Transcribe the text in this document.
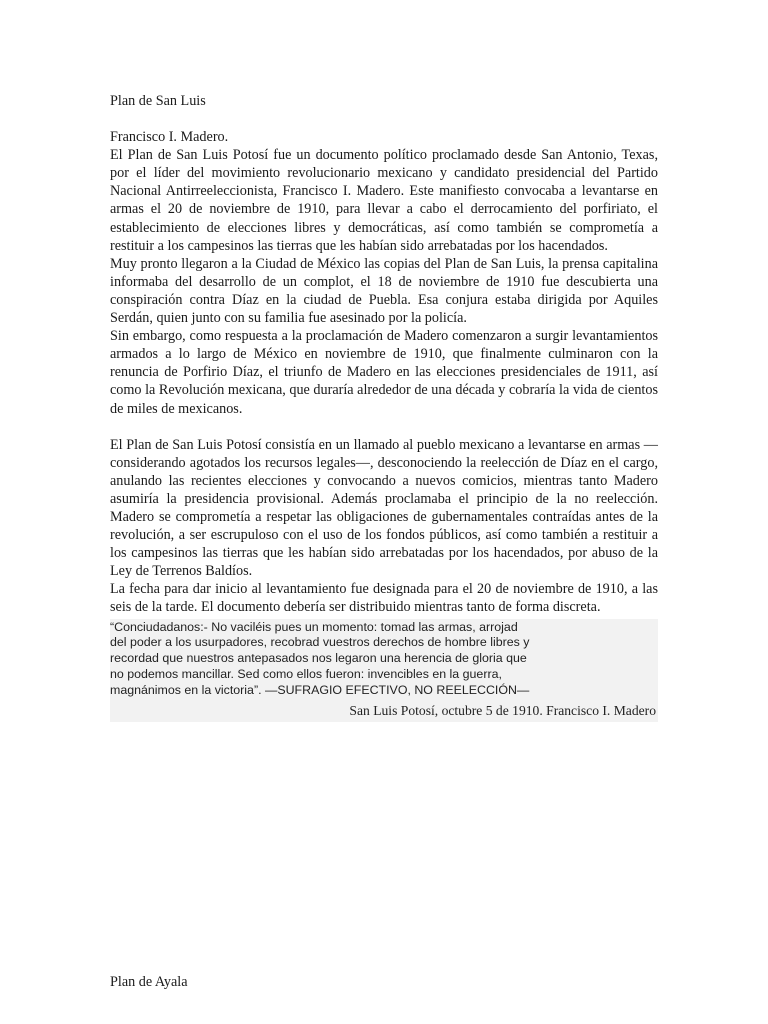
Plan de San Luis

Francisco I. Madero.

El Plan de San Luis Potosí fue un documento político proclamado desde San Antonio, Texas, por el líder del movimiento revolucionario mexicano y candidato presidencial del Partido Nacional Antirreeleccionista, Francisco I. Madero. Este manifiesto convocaba a levantarse en armas el 20 de noviembre de 1910, para llevar a cabo el derrocamiento del porfiriato, el establecimiento de elecciones libres y democráticas, así como también se comprometía a restituir a los campesinos las tierras que les habían sido arrebatadas por los hacendados.

Muy pronto llegaron a la Ciudad de México las copias del Plan de San Luis, la prensa capitalina informaba del desarrollo de un complot, el 18 de noviembre de 1910 fue descubierta una conspiración contra Díaz en la ciudad de Puebla. Esa conjura estaba dirigida por Aquiles Serdán, quien junto con su familia fue asesinado por la policía.

Sin embargo, como respuesta a la proclamación de Madero comenzaron a surgir levantamientos armados a lo largo de México en noviembre de 1910, que finalmente culminaron con la renuncia de Porfirio Díaz, el triunfo de Madero en las elecciones presidenciales de 1911, así como la Revolución mexicana, que duraría alrededor de una década y cobraría la vida de cientos de miles de mexicanos.

El Plan de San Luis Potosí consistía en un llamado al pueblo mexicano a levantarse en armas —considerando agotados los recursos legales—, desconociendo la reelección de Díaz en el cargo, anulando las recientes elecciones y convocando a nuevos comicios, mientras tanto Madero asumiría la presidencia provisional. Además proclamaba el principio de la no reelección. Madero se comprometía a respetar las obligaciones de gubernamentales contraídas antes de la revolución, a ser escrupuloso con el uso de los fondos públicos, así como también a restituir a los campesinos las tierras que les habían sido arrebatadas por los hacendados, por abuso de la Ley de Terrenos Baldíos.

La fecha para dar inicio al levantamiento fue designada para el 20 de noviembre de 1910, a las seis de la tarde. El documento debería ser distribuido mientras tanto de forma discreta.

“Conciudadanos:- No vaciléis pues un momento: tomad las armas, arrojad del poder a los usurpadores, recobrad vuestros derechos de hombre libres y recordad que nuestros antepasados nos legaron una herencia de gloria que no podemos mancillar. Sed como ellos fueron: invencibles en la guerra, magnánimos en la victoria”. —SUFRAGIO EFECTIVO, NO REELECCIÓN—

San Luis Potosí, octubre 5 de 1910. Francisco I. Madero

Plan de Ayala
